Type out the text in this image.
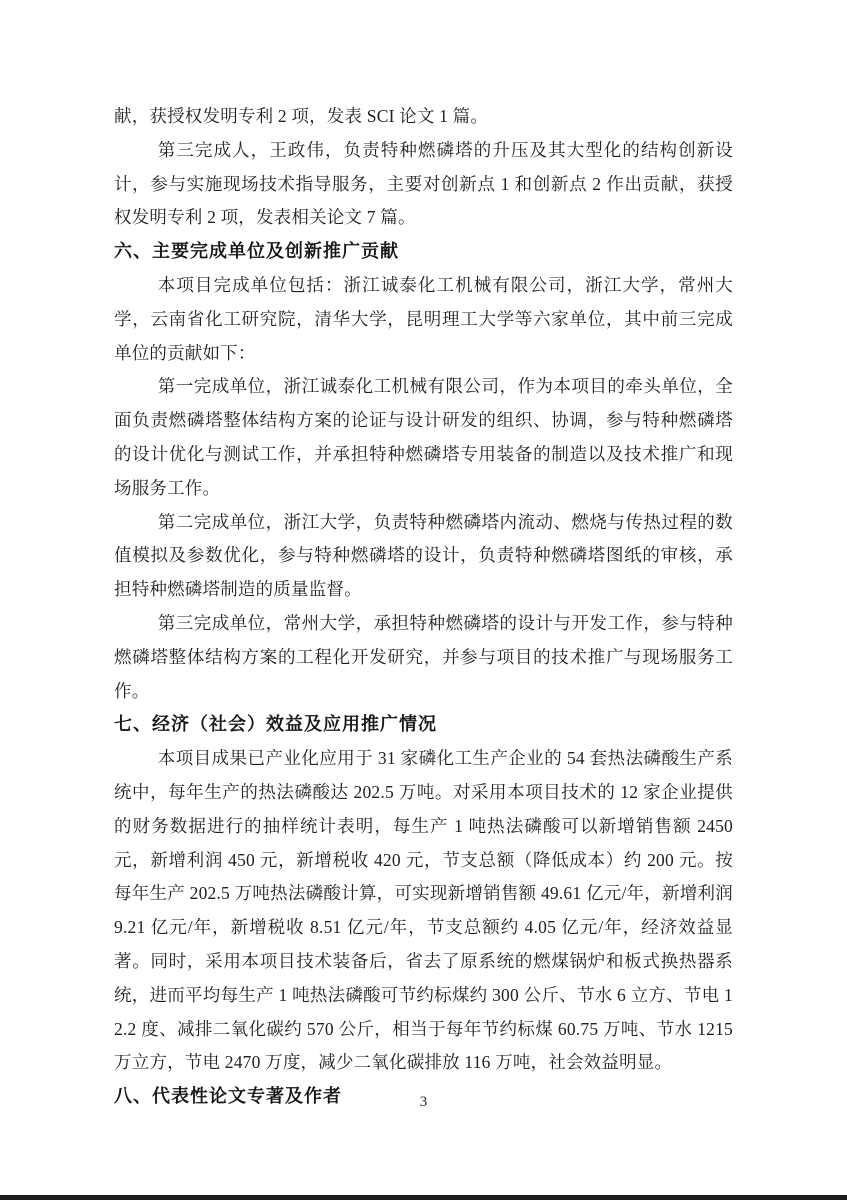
献，获授权发明专利 2 项，发表 SCI 论文 1 篇。
第三完成人，王政伟，负责特种燃磷塔的升压及其大型化的结构创新设计，参与实施现场技术指导服务，主要对创新点 1 和创新点 2 作出贡献，获授权发明专利 2 项，发表相关论文 7 篇。
六、主要完成单位及创新推广贡献
本项目完成单位包括：浙江诚泰化工机械有限公司，浙江大学，常州大学，云南省化工研究院，清华大学，昆明理工大学等六家单位，其中前三完成单位的贡献如下：
第一完成单位，浙江诚泰化工机械有限公司，作为本项目的牵头单位，全面负责燃磷塔整体结构方案的论证与设计研发的组织、协调，参与特种燃磷塔的设计优化与测试工作，并承担特种燃磷塔专用装备的制造以及技术推广和现场服务工作。
第二完成单位，浙江大学，负责特种燃磷塔内流动、燃烧与传热过程的数值模拟及参数优化，参与特种燃磷塔的设计，负责特种燃磷塔图纸的审核，承担特种燃磷塔制造的质量监督。
第三完成单位，常州大学，承担特种燃磷塔的设计与开发工作，参与特种燃磷塔整体结构方案的工程化开发研究，并参与项目的技术推广与现场服务工作。
七、经济（社会）效益及应用推广情况
本项目成果已产业化应用于 31 家磷化工生产企业的 54 套热法磷酸生产系统中，每年生产的热法磷酸达 202.5 万吨。对采用本项目技术的 12 家企业提供的财务数据进行的抽样统计表明，每生产 1 吨热法磷酸可以新增销售额 2450 元，新增利润 450 元，新增税收 420 元，节支总额（降低成本）约 200 元。按每年生产 202.5 万吨热法磷酸计算，可实现新增销售额 49.61 亿元/年，新增利润 9.21 亿元/年，新增税收 8.51 亿元/年，节支总额约 4.05 亿元/年，经济效益显著。同时，采用本项目技术装备后，省去了原系统的燃煤锅炉和板式换热器系统，进而平均每生产 1 吨热法磷酸可节约标煤约 300 公斤、节水 6 立方、节电 12.2 度、减排二氧化碳约 570 公斤，相当于每年节约标煤 60.75 万吨、节水 1215 万立方，节电 2470 万度，减少二氧化碳排放 116 万吨，社会效益明显。
八、代表性论文专著及作者	3
